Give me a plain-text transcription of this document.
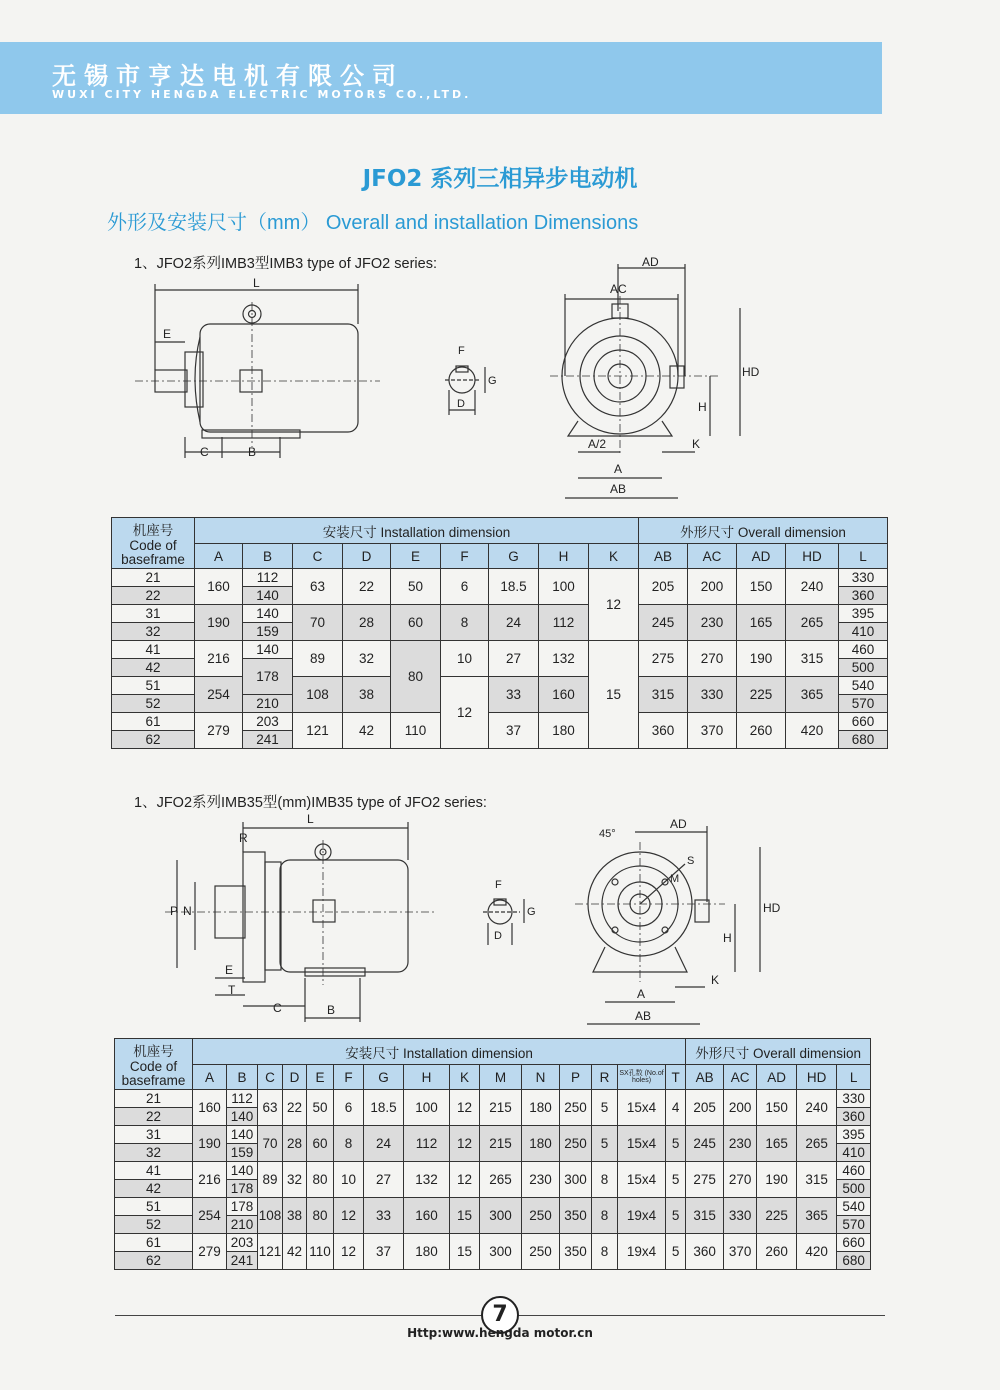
无锡市亨达电机有限公司
WUXI CITY HENGDA ELECTRIC MOTORS CO.,LTD.
JFO2 系列三相异步电动机
外形及安装尺寸（mm） Overall and installation Dimensions
1、JFO2系列IMB3型IMB3 type of JFO2 series:
L
E
C	B
F
G
D
AD
AC
HD
H
A/2	K
A
AB
机座号
Code of baseframe	安装尺寸 Installation dimension									外形尺寸 Overall dimension				
	A	B	C	D	E	F	G	H	K	AB	AC	AD	HD	L
21	160	112	63	22	50	6	18.5	100	12	205	200	150	240	330
22		140												360
31	190	140	70	28	60	8	24	112		245	230	165	265	395
32		159												410
41	216	140	89	32	80	10	27	132	15	275	270	190	315	460
42		178												500
51	254		108	38		12	33	160		315	330	225	365	540
52		210												570
61	279	203	121	42	110		37	180		360	370	260	420	660
62		241												680
1、JFO2系列IMB35型(mm)IMB35 type of JFO2 series:
L
R
P N
E
T
C	B
F
G
D
45°
AD
S
M
HD
H
K
A
AB
机座号
Code of baseframe	安装尺寸 Installation dimension															外形尺寸 Overall dimension				
	A	B	C	D	E	F	G	H	K	M	N	P	R	SX孔数 (No.of holes)	T	AB	AC	AD	HD	L
21	160	112	63	22	50	6	18.5	100	12	215	180	250	5	15x4	4	205	200	150	240	330
22		140																		360
31	190	140	70	28	60	8	24	112	12	215	180	250	5	15x4	5	245	230	165	265	395
32		159																		410
41	216	140	89	32	80	10	27	132	12	265	230	300	8	15x4	5	275	270	190	315	460
42		178																		500
51	254	178	108	38	80	12	33	160	15	300	250	350	8	19x4	5	315	330	225	365	540
52		210																		570
61	279	203	121	42	110	12	37	180	15	300	250	350	8	19x4	5	360	370	260	420	660
62		241																		680
7
Http:www.hengda motor.cn
